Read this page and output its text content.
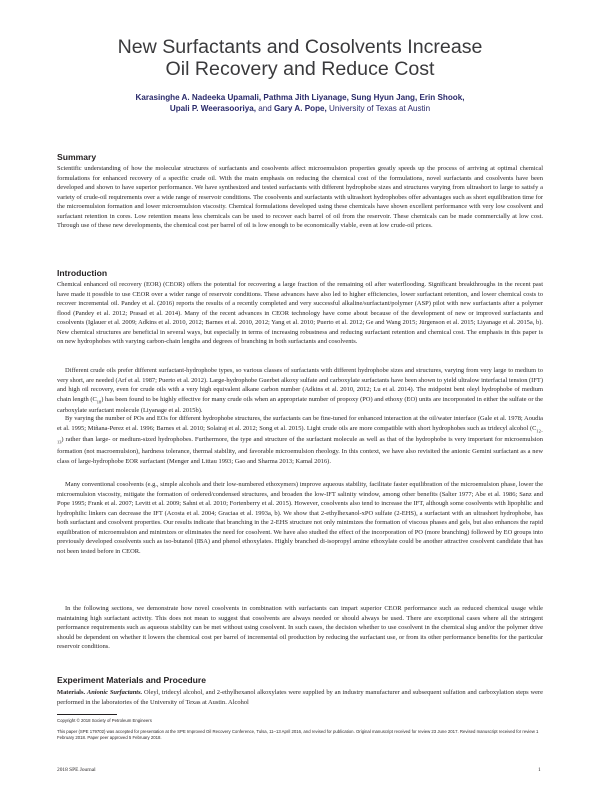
New Surfactants and Cosolvents Increase
Oil Recovery and Reduce Cost
Karasinghe A. Nadeeka Upamali, Pathma Jith Liyanage, Sung Hyun Jang, Erin Shook,
Upali P. Weerasooriya, and Gary A. Pope, University of Texas at Austin
Summary

Scientific understanding of how the molecular structures of surfactants and cosolvents affect microemulsion properties greatly speeds up the process of arriving at optimal chemical formulations for enhanced recovery of a specific crude oil. With the main emphasis on reducing the chemical cost of the formulations, novel surfactants and cosolvents have been developed and shown to have superior performance. We have synthesized and tested surfactants with different hydrophobe sizes and structures varying from ultrashort to large to satisfy a variety of crude-oil requirements over a wide range of reservoir conditions. The cosolvents and surfactants with ultrashort hydrophobes offer advantages such as short equilibration time for the microemulsion formation and lower microemulsion viscosity. Chemical formulations developed using these chemicals have shown excellent performance with very low cosolvent and surfactant retention in cores. Low retention means less chemicals can be used to recover each barrel of oil from the reservoir. These chemicals can be made commercially at low cost. Through use of these new developments, the chemical cost per barrel of oil is low enough to be economically viable, even at low crude-oil prices.

Introduction

Chemical enhanced oil recovery (EOR) (CEOR) offers the potential for recovering a large fraction of the remaining oil after waterflooding. Significant breakthroughs in the recent past have made it possible to use CEOR over a wider range of reservoir conditions. These advances have also led to higher efficiencies, lower surfactant retention, and lower chemical costs to recover incremental oil. Pandey et al. (2016) reports the results of a recently completed and very successful alkaline/surfactant/polymer (ASP) pilot with new surfactants after a polymer flood (Pandey et al. 2012; Prasad et al. 2014). Many of the recent advances in CEOR technology have come about because of the development of new or improved surfactants and cosolvents (Iglauer et al. 2009; Adkins et al. 2010, 2012; Barnes et al. 2010, 2012; Yang et al. 2010; Puerto et al. 2012; Ge and Wang 2015; Jürgenson et al. 2015; Liyanage et al. 2015a, b). New chemical structures are beneficial in several ways, but especially in terms of increasing robustness and reducing surfactant retention and chemical cost. The emphasis in this paper is on new hydrophobes with varying carbon-chain lengths and degrees of branching in both surfactants and cosolvents.

Different crude oils prefer different surfactant-hydrophobe types, so various classes of surfactants with different hydrophobe sizes and structures, varying from very large to medium to very short, are needed (Arf et al. 1987; Puerto et al. 2012). Large-hydrophobe Guerbet alkoxy sulfate and carboxylate surfactants have been shown to yield ultralow interfacial tension (IFT) and high oil recovery, even for crude oils with a very high equivalent alkane carbon number (Adkins et al. 2010, 2012; Lu et al. 2014). The midpoint bent oleyl hydrophobe of medium chain length $(C_{18})$ has been found to be highly effective for many crude oils when an appropriate number of propoxy (PO) and ethoxy (EO) units are incorporated in either the sulfate or the carboxylate surfactant molecule (Liyanage et al. 2015b).

By varying the number of POs and EOs for different hydrophobe structures, the surfactants can be fine-tuned for enhanced interaction at the oil/water interface (Gale et al. 1978; Aoudia et al. 1995; Miñana-Perez et al. 1996; Barnes et al. 2010; Solairaj et al. 2012; Song et al. 2015). Light crude oils are more compatible with short hydrophobes such as tridecyl alcohol $(C_{12-13})$ rather than large- or medium-sized hydrophobes. Furthermore, the type and structure of the surfactant molecule as well as that of the hydrophobe is very important for microemulsion formation (not macroemulsion), hardness tolerance, thermal stability, and favorable microemulsion rheology. In this context, we have also revisited the anionic Gemini surfactant as a new class of large-hydrophobe EOR surfactant (Menger and Littau 1993; Gao and Sharma 2013; Kamal 2016).

Many conventional cosolvents (e.g., simple alcohols and their low-numbered ethoxymers) improve aqueous stability, facilitate faster equilibration of the microemulsion phase, lower the microemulsion viscosity, mitigate the formation of ordered/condensed structures, and broaden the low-IFT salinity window, among other benefits (Salter 1977; Abe et al. 1986; Sanz and Pope 1995; Frank et al. 2007; Levitt et al. 2009; Sahni et al. 2010; Fortenberry et al. 2015). However, cosolvents also tend to increase the IFT, although some cosolvents with lipophilic and hydrophilic linkers can decrease the IFT (Acosta et al. 2004; Graciaa et al. 1993a, b). We show that 2-ethylhexanol-xPO sulfate (2-EHS), a surfactant with an ultrashort hydrophobe, has both surfactant and cosolvent properties. Our results indicate that branching in the 2-EHS structure not only minimizes the formation of viscous phases and gels, but also enhances the rapid equilibration of microemulsion and minimizes or eliminates the need for cosolvent. We have also studied the effect of the incorporation of PO (more branching) followed by EO groups into previously developed cosolvents such as iso-butanol (IBA) and phenol ethoxylates. Highly branched di-isopropyl amine ethoxylate could be another attractive cosolvent candidate that has not been tested before in CEOR.

In the following sections, we demonstrate how novel cosolvents in combination with surfactants can impart superior CEOR performance such as reduced chemical usage while maintaining high surfactant activity. This does not mean to suggest that cosolvents are always needed or should always be used. There are exceptional cases where all the stringent performance requirements such as aqueous stability can be met without using cosolvent. In such cases, the decision whether to use cosolvent in the chemical slug and/or the polymer drive should be dependent on whether it lowers the chemical cost per barrel of incremental oil production by reducing the surfactant use, or from its other performance benefits for the particular reservoir conditions.

Experiment Materials and Procedure

Materials. Anionic Surfactants. Oleyl, tridecyl alcohol, and 2-ethylhexanol alkoxylates were supplied by an industry manufacturer and subsequent sulfation and carboxylation steps were performed in the laboratories of the University of Texas at Austin. Alcohol

Copyright © 2018 Society of Petroleum Engineers

This paper (SPE 179702) was accepted for presentation at the SPE Improved Oil Recovery Conference, Tulsa, 11–13 April 2016, and revised for publication. Original manuscript received for review 23 June 2017. Revised manuscript received for review 1 February 2018. Paper peer approved 5 February 2018.

2018 SPE Journal	1
